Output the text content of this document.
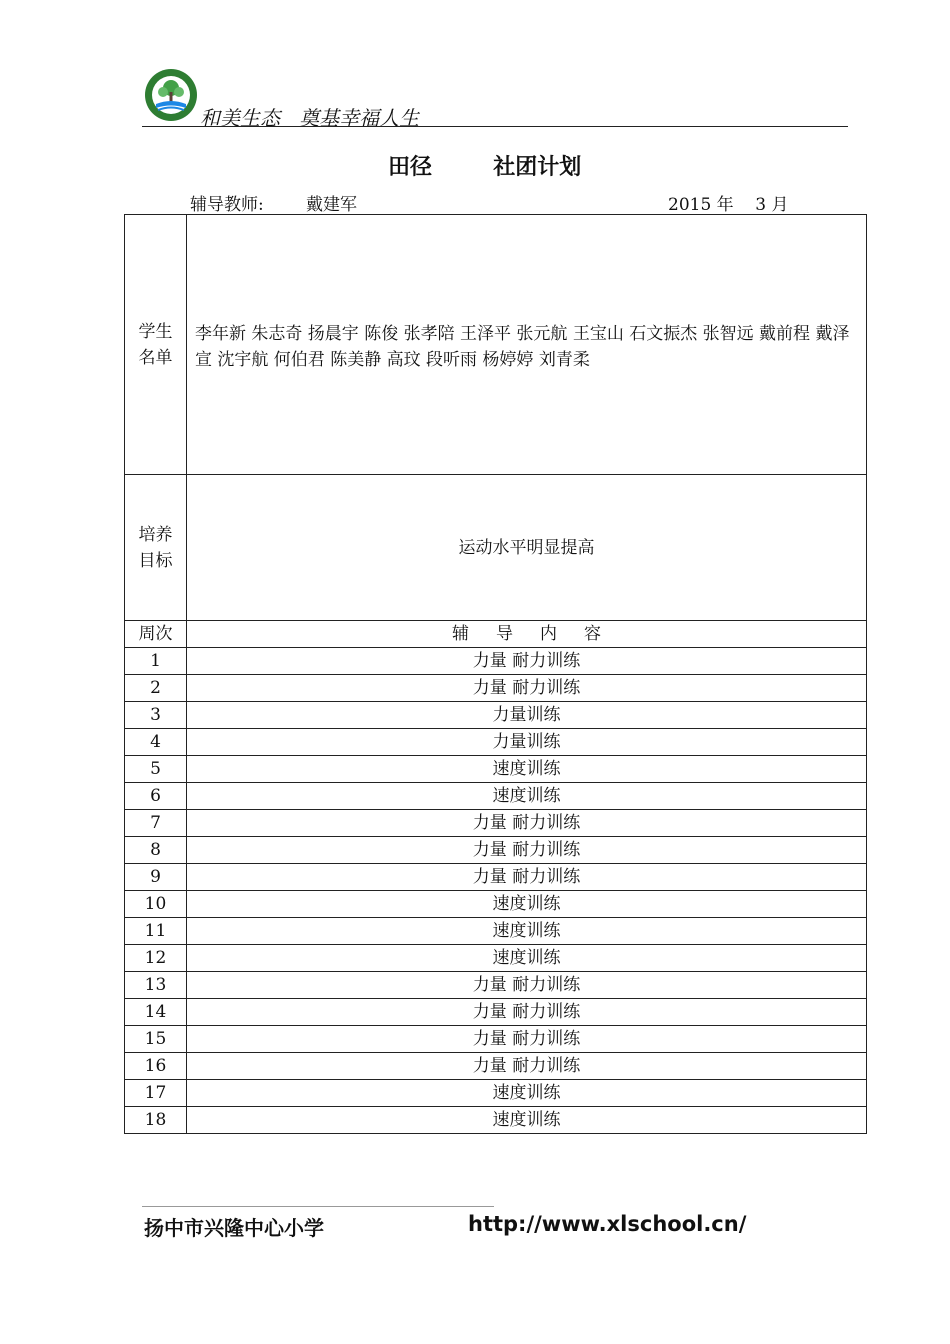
和美生态   奠基幸福人生
田径        社团计划
辅导教师: 戴建军	2015 年    3 月
学生名单	李年新 朱志奇 扬晨宇 陈俊 张孝陪 王泽平 张元航 王宝山 石文振杰 张智远 戴前程 戴泽宣 沈宇航 何伯君 陈美静 高玟 段听雨 杨婷婷 刘青柔

培养目标	运动水平明显提高
周次	辅     导     内     容
1	力量 耐力训练
2	力量 耐力训练
3	力量训练
4	力量训练
5	速度训练
6	速度训练
7	力量 耐力训练
8	力量 耐力训练
9	力量 耐力训练
10	速度训练
11	速度训练
12	速度训练
13	力量 耐力训练
14	力量 耐力训练
15	力量 耐力训练
16	力量 耐力训练
17	速度训练
18	速度训练
扬中市兴隆中心小学	http://www.xlschool.cn/
